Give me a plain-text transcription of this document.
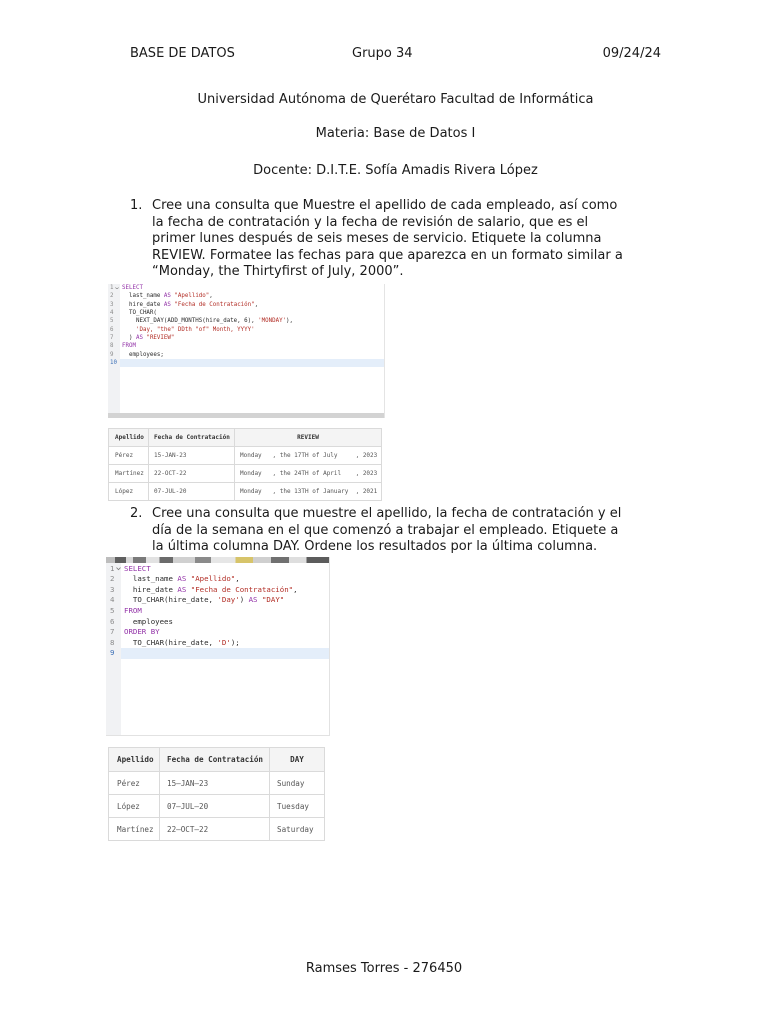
BASE DE DATOS	Grupo 34	09/24/24
Universidad Autónoma de Querétaro Facultad de Informática
Materia: Base de Datos I
Docente: D.I.T.E. Sofía Amadis Rivera López
1. Cree una consulta que Muestre el apellido de cada empleado, así como
la fecha de contratación y la fecha de revisión de salario, que es el
primer lunes después de seis meses de servicio. Etiquete la columna
REVIEW. Formatee las fechas para que aparezca en un formato similar a
“Monday, the Thirtyfirst of July, 2000”.
1 SELECT
2 last_name AS "Apellido",
3 hire_date AS "Fecha de Contratación",
4 TO_CHAR(
5 NEXT_DAY(ADD_MONTHS(hire_date, 6), 'MONDAY'),
6	'Day, "the" DDth "of" Month, YYYY'
7 ) AS "REVIEW"
8 FROM
9 employees;
10
Apellido	Fecha de Contratación	REVIEW
Pérez	15-JAN-23	Monday   , the 17TH of July     , 2023
Martínez	22-OCT-22	Monday   , the 24TH of April    , 2023
López	07-JUL-20	Monday   , the 13TH of January  , 2021
2. Cree una consulta que muestre el apellido, la fecha de contratación y el
día de la semana en el que comenzó a trabajar el empleado. Etiquete a
la última columna DAY. Ordene los resultados por la última columna.
1 SELECT
2 last_name AS "Apellido",
3 hire_date AS "Fecha de Contratación",
4 TO_CHAR(hire_date, 'Day') AS "DAY"
5 FROM
6 employees
7 ORDER BY
8 TO_CHAR(hire_date, 'D');
9
Apellido	Fecha de Contratación	DAY
Pérez	15–JAN–23	Sunday
López	07–JUL–20	Tuesday
Martínez	22–OCT–22	Saturday
Ramses Torres - 276450
